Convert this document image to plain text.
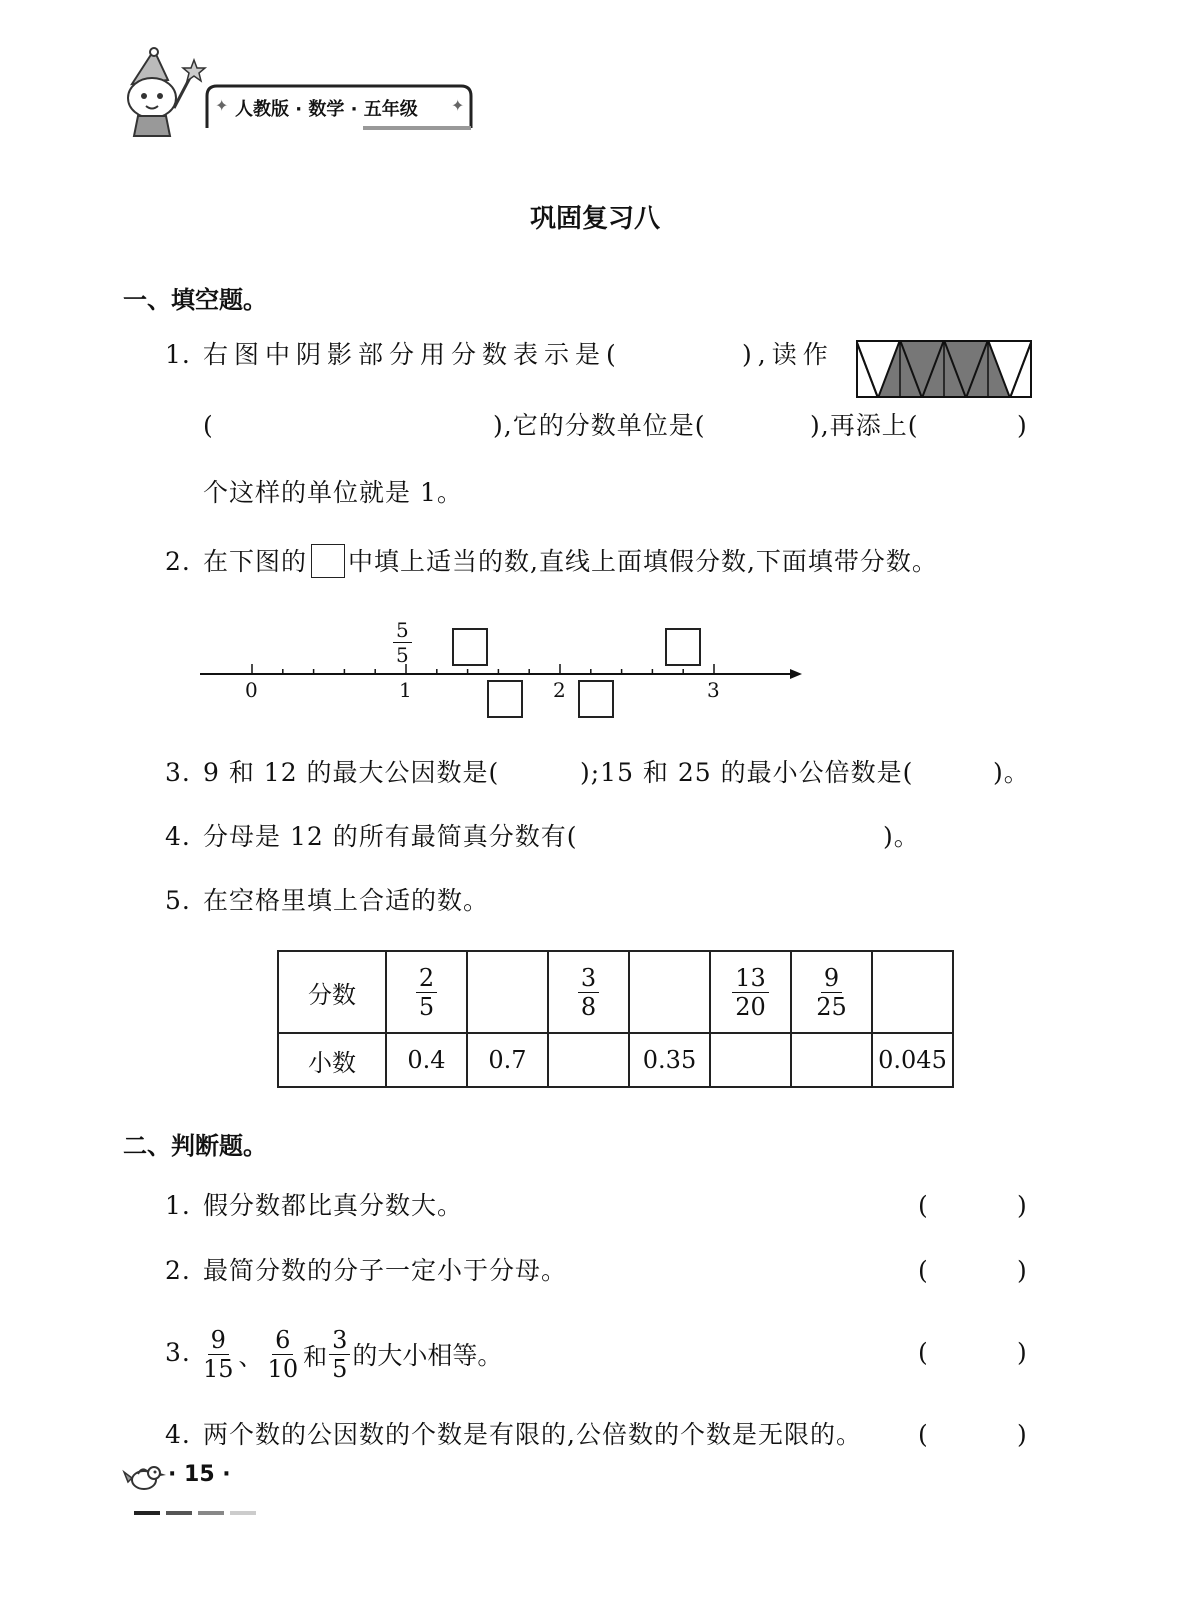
✦ 人教版 · 数学 · 五年级 ✦
巩固复习八
一、填空题。
1. 右图中阴影部分用分数表示是(	),读作
(	),它的分数单位是(	),再添上(	)
个这样的单位就是 1。
2. 在下图的 中填上适当的数,直线上面填假分数,下面填带分数。
0	1	2	3
$\frac{5}{5}$
3. 9 和 12 的最大公因数是(	);15 和 25 的最小公倍数是(	)。
4. 分母是 12 的所有最简真分数有(	)。
5. 在空格里填上合适的数。
分数	$\frac{2}{5}$		$\frac{3}{8}$		$\frac{13}{20}$	$\frac{9}{25}$

小数	0.4	0.7		0.35			0.045
二、判断题。
1. 假分数都比真分数大。	(	)
2. 最简分数的分子一定小于分母。	(	)
3. $\frac{9}{15}$ 、 $\frac{6}{10}$ 和 $\frac{3}{5}$ 的大小相等。	(	)
4. 两个数的公因数的个数是有限的,公倍数的个数是无限的。 (	)
· 15 ·
